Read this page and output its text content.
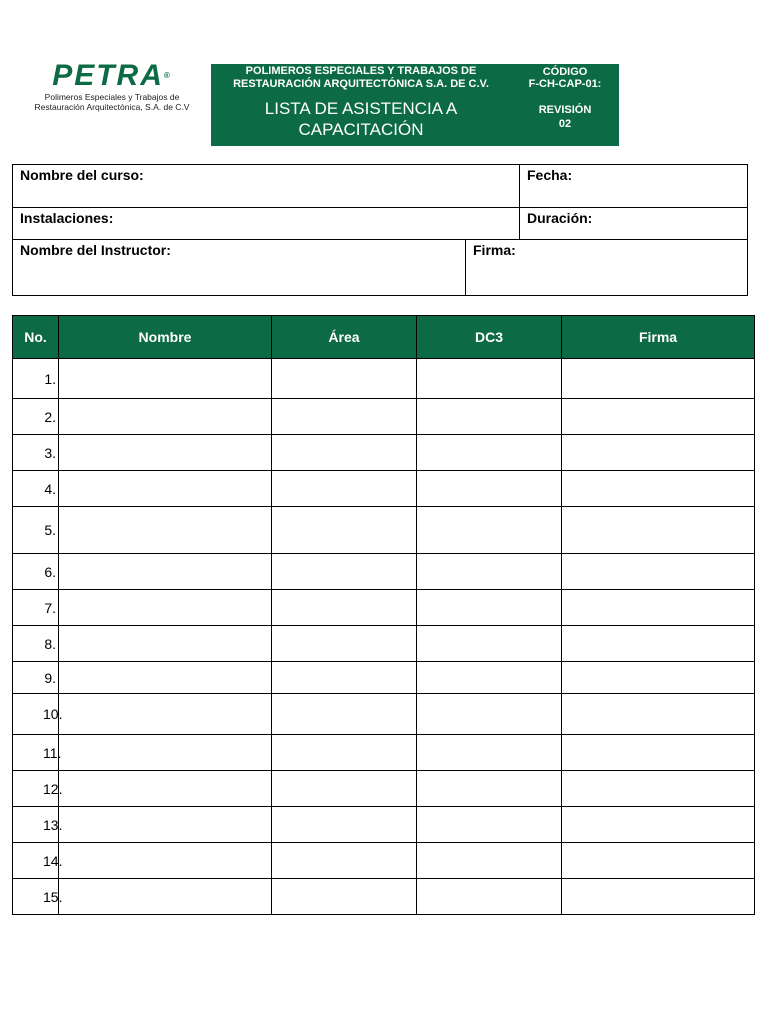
PETRA®
Polimeros Especiales y Trabajos de
Restauración Arquitectónica, S.A. de C.V
POLIMEROS ESPECIALES Y TRABAJOS DE
RESTAURACIÓN ARQUITECTÓNICA S.A. DE C.V.
LISTA DE ASISTENCIA A
CAPACITACIÓN
CÓDIGO
F-CH-CAP-01:
REVISIÓN
02
Nombre del curso:	Fecha:
Instalaciones:	Duración:
Nombre del Instructor:	Firma:
No.	Nombre	Área	DC3	Firma
1.				
2.				
3.				
4.				
5.				
6.				
7.				
8.				
9.				
10.				
11.				
12.				
13.				
14.				
15.				
